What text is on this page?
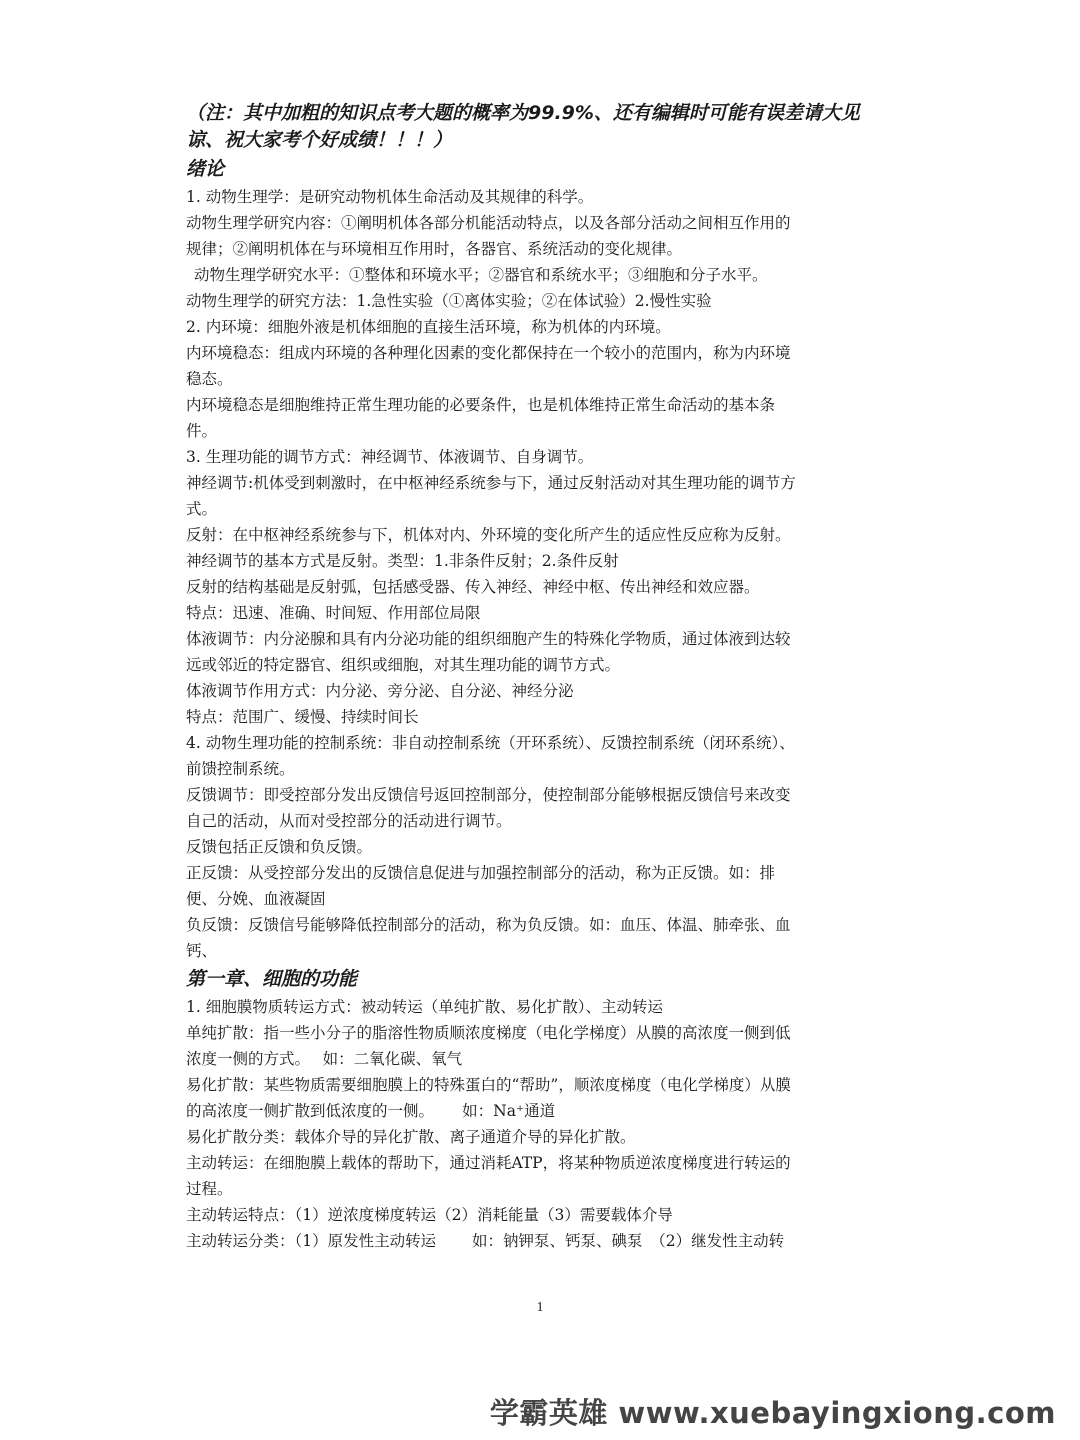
（注：其中加粗的知识点考大题的概率为99.9%、还有编辑时可能有误差请大见

谅、祝大家考个好成绩！！！）

绪论

1. 动物生理学：是研究动物机体生命活动及其规律的科学。

动物生理学研究内容：①阐明机体各部分机能活动特点，以及各部分活动之间相互作用的

规律；②阐明机体在与环境相互作用时，各器官、系统活动的变化规律。

动物生理学研究水平：①整体和环境水平；②器官和系统水平；③细胞和分子水平。

动物生理学的研究方法：1.急性实验（①离体实验；②在体试验）2.慢性实验

2. 内环境：细胞外液是机体细胞的直接生活环境，称为机体的内环境。

内环境稳态：组成内环境的各种理化因素的变化都保持在一个较小的范围内，称为内环境

稳态。

内环境稳态是细胞维持正常生理功能的必要条件，也是机体维持正常生命活动的基本条

件。

3. 生理功能的调节方式：神经调节、体液调节、自身调节。

神经调节:机体受到刺激时，在中枢神经系统参与下，通过反射活动对其生理功能的调节方

式。

反射：在中枢神经系统参与下，机体对内、外环境的变化所产生的适应性反应称为反射。

神经调节的基本方式是反射。类型：1.非条件反射；2.条件反射

反射的结构基础是反射弧，包括感受器、传入神经、神经中枢、传出神经和效应器。

特点：迅速、准确、时间短、作用部位局限

体液调节：内分泌腺和具有内分泌功能的组织细胞产生的特殊化学物质，通过体液到达较

远或邻近的特定器官、组织或细胞，对其生理功能的调节方式。

体液调节作用方式：内分泌、旁分泌、自分泌、神经分泌

特点：范围广、缓慢、持续时间长

4. 动物生理功能的控制系统：非自动控制系统（开环系统）、反馈控制系统（闭环系统）、

前馈控制系统。

反馈调节：即受控部分发出反馈信号返回控制部分，使控制部分能够根据反馈信号来改变

自己的活动，从而对受控部分的活动进行调节。

反馈包括正反馈和负反馈。

正反馈：从受控部分发出的反馈信息促进与加强控制部分的活动，称为正反馈。如：排

便、分娩、血液凝固

负反馈：反馈信号能够降低控制部分的活动，称为负反馈。如：血压、体温、肺牵张、血

钙、

第一章、细胞的功能

1. 细胞膜物质转运方式：被动转运（单纯扩散、易化扩散）、主动转运

单纯扩散：指一些小分子的脂溶性物质顺浓度梯度（电化学梯度）从膜的高浓度一侧到低

浓度一侧的方式。　 如：二氧化碳、氧气

易化扩散：某些物质需要细胞膜上的特殊蛋白的“帮助”，顺浓度梯度（电化学梯度）从膜

的高浓度一侧扩散到低浓度的一侧。　　 如：Na⁺通道

易化扩散分类：载体介导的异化扩散、离子通道介导的异化扩散。

主动转运：在细胞膜上载体的帮助下，通过消耗ATP，将某种物质逆浓度梯度进行转运的

过程。

主动转运特点：（1）逆浓度梯度转运（2）消耗能量（3）需要载体介导

主动转运分类：（1）原发性主动转运　　 如：钠钾泵、钙泵、碘泵　（2）继发性主动转

1
学霸英雄 www.xuebayingxiong.com
